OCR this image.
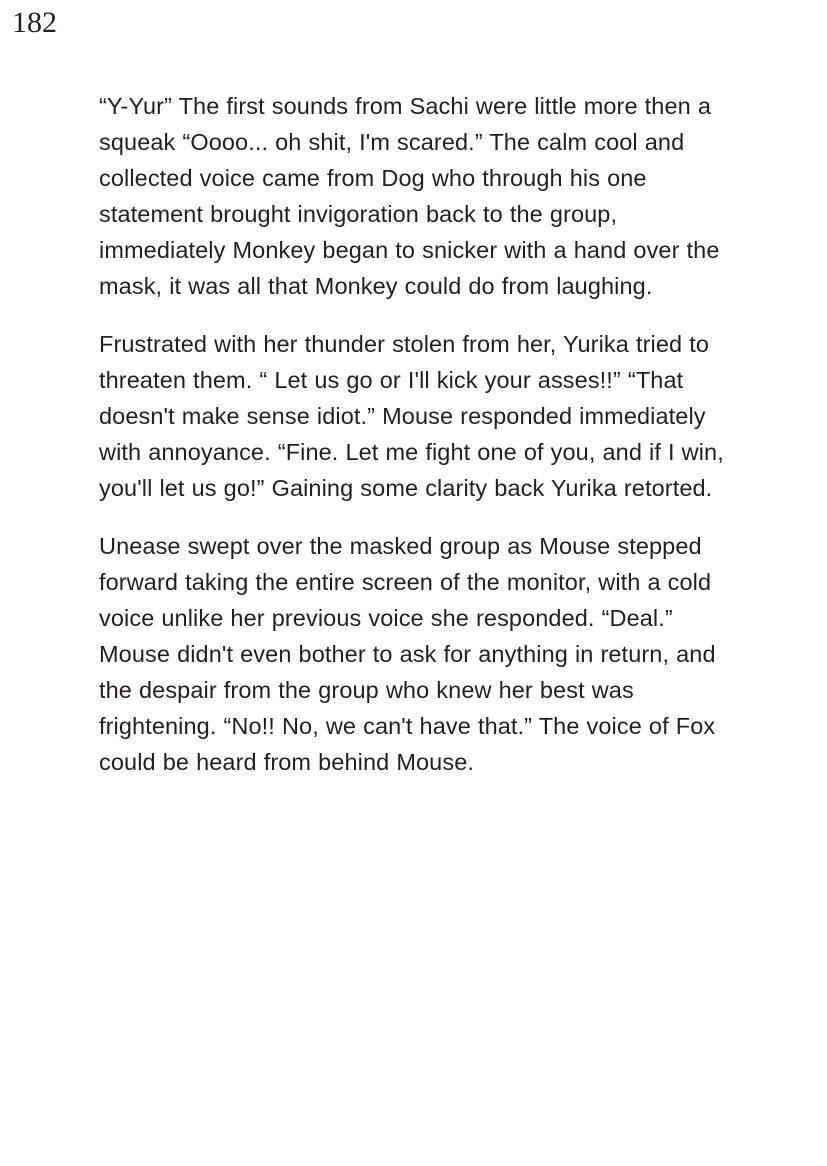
182

“Y-Yur” The first sounds from Sachi were little more then a squeak “Oooo... oh shit, I'm scared.” The calm cool and collected voice came from Dog who through his one statement brought invigoration back to the group, immediately Monkey began to snicker with a hand over the mask, it was all that Monkey could do from laughing.

Frustrated with her thunder stolen from her, Yurika tried to threaten them. “ Let us go or I'll kick your asses!!” “That doesn't make sense idiot.” Mouse responded immediately with annoyance. “Fine. Let me fight one of you, and if I win, you'll let us go!” Gaining some clarity back Yurika retorted.

Unease swept over the masked group as Mouse stepped forward taking the entire screen of the monitor, with a cold voice unlike her previous voice she responded. “Deal.” Mouse didn't even bother to ask for anything in return, and the despair from the group who knew her best was frightening. “No!! No, we can't have that.” The voice of Fox could be heard from behind Mouse.
